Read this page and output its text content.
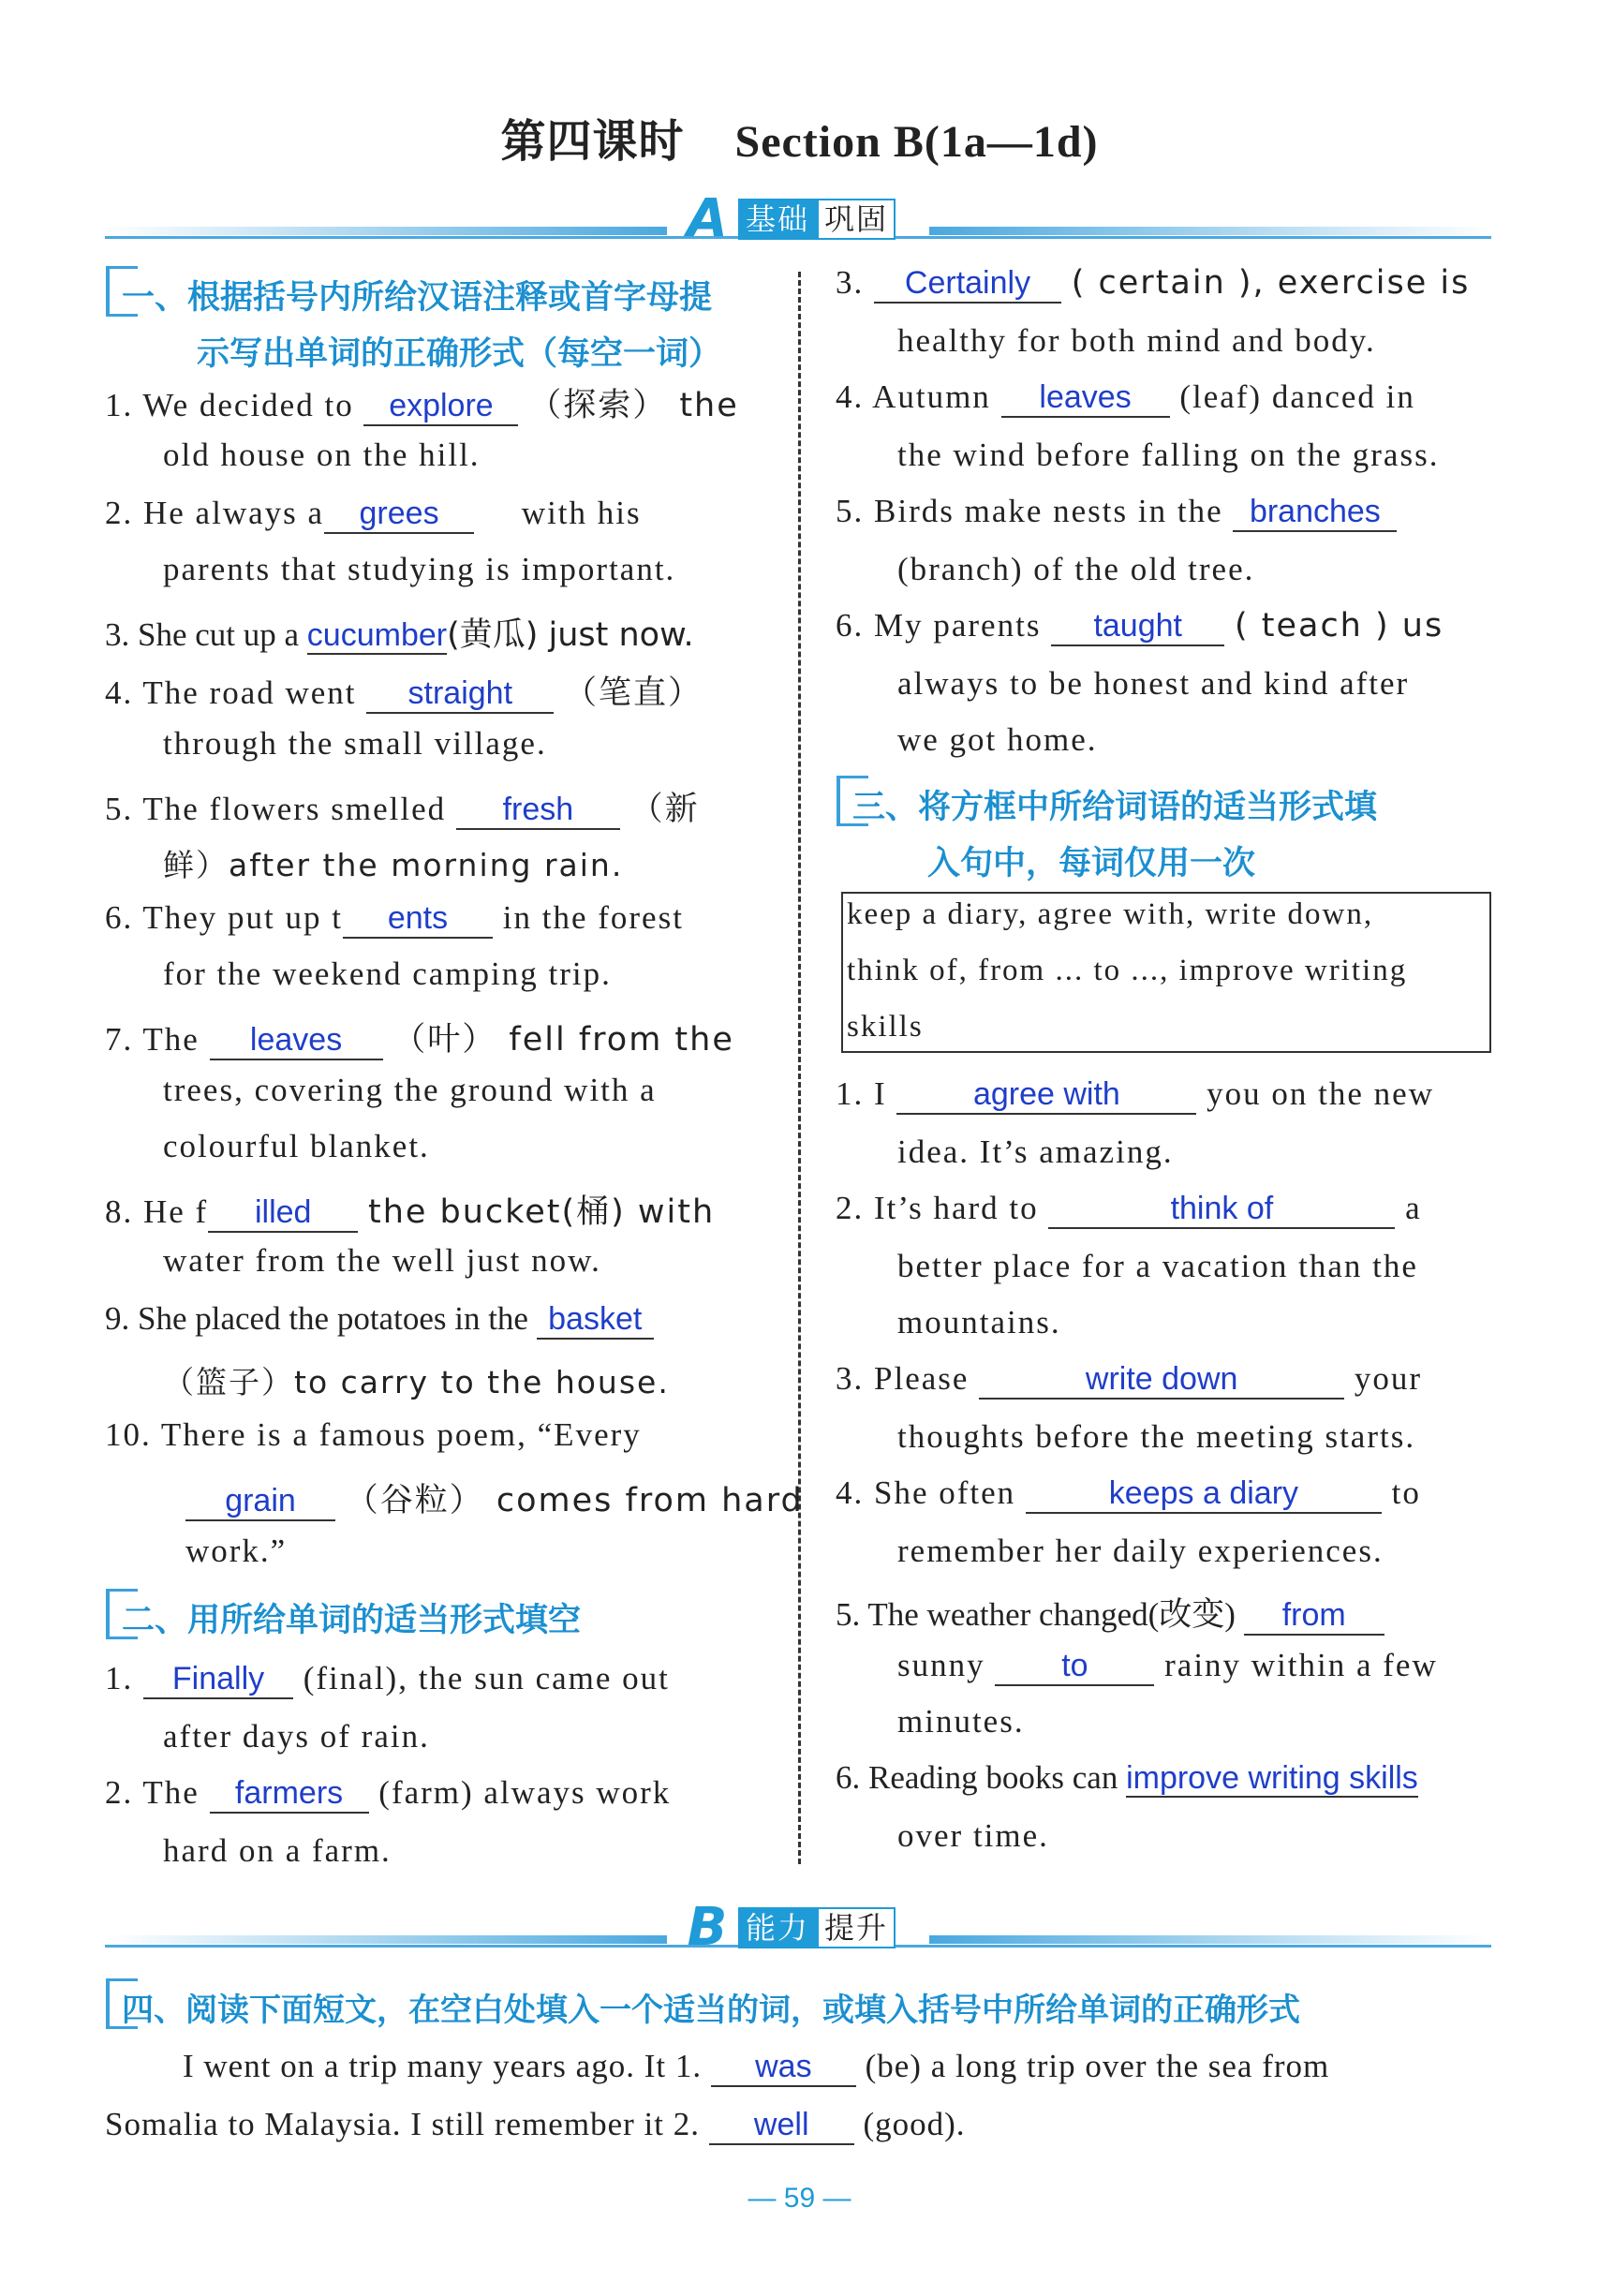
第四课时 Section B(1a—1d)
A 基础 巩固
一、根据括号内所给汉语注释或首字母提
示写出单词的正确形式（每空一词）
1. We decided to explore （探索） the
old house on the hill.
2. He always a grees	with his
parents that studying is important.
3. She cut up a cucumber(黄瓜) just now.
4. The road went straight （笔直）
through the small village.
5. The flowers smelled fresh （新
鲜）after the morning rain.
6. They put up t ents in the forest
for the weekend camping trip.
7. The leaves （叶） fell from the
trees, covering the ground with a
colourful blanket.
8. He f illed the bucket(桶) with
water from the well just now.
9. She placed the potatoes in the basket
（篮子）to carry to the house.
10. There is a famous poem, “Every
grain （谷粒） comes from hard
work.”
二、用所给单词的适当形式填空
1. Finally (final), the sun came out
after days of rain.
2. The farmers (farm) always work
hard on a farm.
3. Certainly ( certain ), exercise is
healthy for both mind and body.
4. Autumn leaves (leaf) danced in
the wind before falling on the grass.
5. Birds make nests in the branches
(branch) of the old tree.
6. My parents taught ( teach ) us
always to be honest and kind after
we got home.
三、将方框中所给词语的适当形式填
入句中，每词仅用一次
keep a diary, agree with, write down,
think of, from ... to ..., improve writing
skills
1. I	agree with	you on the new
idea. It’s amazing.
2. It’s hard to	think of	a
better place for a vacation than the
mountains.
3. Please	write down	your
thoughts before the meeting starts.
4. She often	keeps a diary	to
remember her daily experiences.
5. The weather changed(改变) from
sunny to rainy within a few
minutes.
6. Reading books can improve writing skills
over time.
B 能力 提升
四、阅读下面短文，在空白处填入一个适当的词，或填入括号中所给单词的正确形式
I went on a trip many years ago. It 1. was (be) a long trip over the sea from
Somalia to Malaysia. I still remember it 2. well (good).
— 59 —
